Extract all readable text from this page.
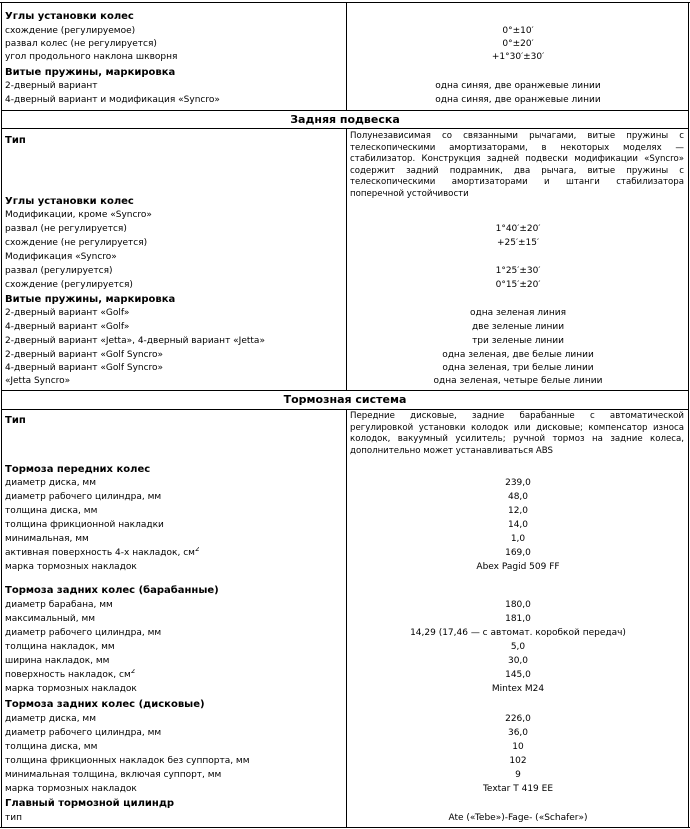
Углы установки колес
схождение (регулируемое)	0°±10′
развал колес (не регулируется)	0°±20′
угол продольного наклона шкворня	+1°30′±30′
Витые пружины, маркировка
2-дверный вариант	одна синяя, две оранжевые линии
4-дверный вариант и модификация «Syncro»	одна синяя, две оранжевые линии
Задняя подвеска
Тип	Полунезависимая со связанными рычагами, витые пружины с телескопическими амортизаторами, в некоторых моделях — стабилизатор. Конструкция задней подвески модификации «Syncro» содержит задний подрамник, два рычага, витые пружины с телескопическими амортизаторами и штанги стабилизатора поперечной устойчивости
Углы установки колес
Модификации, кроме «Syncro»
развал (не регулируется)	1°40′±20′
схождение (не регулируется)	+25′±15′
Модификация «Syncro»
развал (регулируется)	1°25′±30′
схождение (регулируется)	0°15′±20′
Витые пружины, маркировка
2-дверный вариант «Golf»	одна зеленая линия
4-дверный вариант «Golf»	две зеленые линии
2-дверный вариант «Jetta», 4-дверный вариант «Jetta»	три зеленые линии
2-дверный вариант «Golf Syncro»	одна зеленая, две белые линии
4-дверный вариант «Golf Syncro»	одна зеленая, три белые линии
«Jetta Syncro»	одна зеленая, четыре белые линии
Тормозная система
Тип	Передние дисковые, задние барабанные с автоматической регулировкой установки колодок или дисковые; компенсатор износа колодок, вакуумный усилитель; ручной тормоз на задние колеса, дополнительно может устанавливаться ABS
Тормоза передних колес
диаметр диска, мм	239,0
диаметр рабочего цилиндра, мм	48,0
толщина диска, мм	12,0
толщина фрикционной накладки	14,0
минимальная, мм	1,0
активная поверхность 4-х накладок, $см^2$	169,0
марка тормозных накладок	Abex Pagid 509 FF
Тормоза задних колес (барабанные)
диаметр барабана, мм	180,0
максимальный, мм	181,0
диаметр рабочего цилиндра, мм	14,29 (17,46 — с автомат. коробкой передач)
толщина накладок, мм	5,0
ширина накладок, мм	30,0
поверхность накладок, $см^2$	145,0
марка тормозных накладок	Mintex M24
Тормоза задних колес (дисковые)
диаметр диска, мм	226,0
диаметр рабочего цилиндра, мм	36,0
толщина диска, мм	10
толщина фрикционных накладок без суппорта, мм	102
минимальная толщина, включая суппорт, мм	9
марка тормозных накладок	Textar T 419 EE
Главный тормозной цилиндр
тип	Ate («Tebe»)-Fage- («Schafer»)
